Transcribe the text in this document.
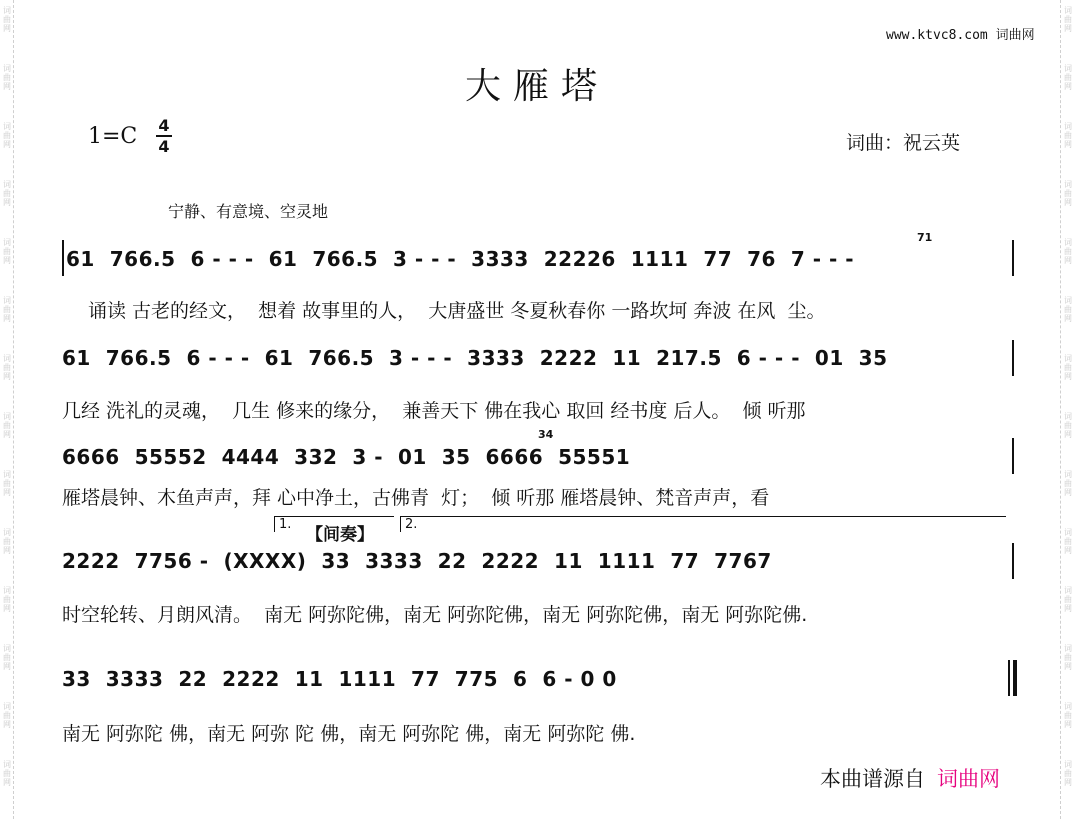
词
曲
网
词
曲
网
词
曲
网
词
曲
网
词
曲
网
词
曲
网
词
曲
网
词
曲
网
词
曲
网
词
曲
网
词
曲
网
词
曲
网
词
曲
网
词
曲
网
词
曲
网
词
曲
网
词
曲
网
词
曲
网
词
曲
网
词
曲
网
词
曲
网
词
曲
网
词
曲
网
词
曲
网
词
曲
网
词
曲
网
词
曲
网
词
曲
网
www.ktvc8.com 词曲网
大雁塔
1=C 4
4	词曲：祝云英
宁静、有意境、空灵地
71
61  766.5  6 - - -  61  766.5  3 - - -  3333  22226  1111  77  76  7 - - -
诵读 古老的经文，  想着 故事里的人，  大唐盛世 冬夏秋春你 一路坎坷 奔波 在风  尘。
61  766.5  6 - - -  61  766.5  3 - - -  3333  2222  11  217.5  6 - - -  01  35
几经 洗礼的灵魂，  几生 修来的缘分，  兼善天下 佛在我心 取回 经书度 后人。  倾 听那
34
6666  55552  4444  332  3 -  01  35  6666  55551
雁塔晨钟、木鱼声声，拜 心中净土，古佛青  灯；  倾 听那 雁塔晨钟、梵音声声，看
1.
【间奏】
2.
2222  7756 -  (XXXX)  33  3333  22  2222  11  1111  77  7767
时空轮转、月朗风清。  南无 阿弥陀佛，南无 阿弥陀佛，南无 阿弥陀佛，南无 阿弥陀佛.
33  3333  22  2222  11  1111  77  775  6  6 - 0 0
南无 阿弥陀 佛，南无 阿弥 陀 佛，南无 阿弥陀 佛，南无 阿弥陀 佛.
本曲谱源自 词曲网
